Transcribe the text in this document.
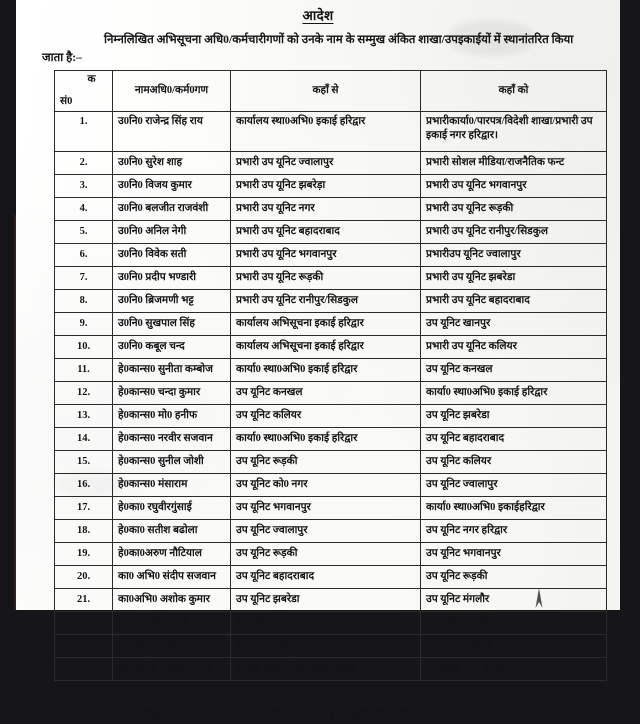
आदेश

निम्नलिखित अभिसूचना अधि0/कर्मचारीगणों को उनके नाम के सम्मुख अंकित शाखा/उपइकाईयों में स्थानांतरित किया

जाता है:–

क
सं0	नामअधि0/कर्म0गण	कहाँ से	कहाँ को
1.	उ0नि0 राजेन्द्र सिंह राय	कार्यालय स्था0अभि0 इकाई हरिद्वार	प्रभारीकार्या0/पारपत्र/विदेशी शाखा/प्रभारी उप इकाई नगर हरिद्वार।
2.	उ0नि0 सुरेश शाह	प्रभारी उप यूनिट ज्वालापुर	प्रभारी सोशल मीडिया/राजनैतिक फन्ट
3.	उ0नि0 विजय कुमार	प्रभारी उप यूनिट झबरेड़ा	प्रभारी उप यूनिट भगवानपुर
4.	उ0नि0 बलजीत राजवंशी	प्रभारी उप यूनिट नगर	प्रभारी उप यूनिट रूड़की
5.	उ0नि0 अनिल नेगी	प्रभारी उप यूनिट बहादराबाद	प्रभारी उप यूनिट रानीपुर/सिडकुल
6.	उ0नि0 विवेक सती	प्रभारी उप यूनिट भगवानपुर	प्रभारीउप यूनिट ज्वालापुर
7.	उ0नि0 प्रदीप भण्डारी	प्रभारी उप यूनिट रूड़की	प्रभारी उप यूनिट झबरेडा
8.	उ0नि0 ब्रिजमणी भट्ट	प्रभारी उप यूनिट रानीपुर/सिडकुल	प्रभारी उप यूनिट बहादराबाद
9.	उ0नि0 सुखपाल सिंह	कार्यालय अभिसूचना इकाई हरिद्वार	उप यूनिट खानपुर
10.	उ0नि0 कबूल चन्द	कार्यालय अभिसूचना इकाई हरिद्वार	प्रभारी उप यूनिट कलियर
11.	हे0कान्स0 सुनीता कम्बोज	कार्या0 स्था0अभि0 इकाई हरिद्वार	उप यूनिट कनखल
12.	हे0कान्स0 चन्दा कुमार	उप यूनिट कनखल	कार्या0 स्था0अभि0 इकाई हरिद्वार
13.	हे0कान्स0 मो0 हनीफ	उप यूनिट कलियर	उप यूनिट झबरेडा
14.	हे0कान्स0 नरवीर सजवान	कार्या0 स्था0अभि0 इकाई हरिद्वार	उप यूनिट बहादराबाद
15.	हे0कान्स0 सुनील जोशी	उप यूनिट रूड़की	उप यूनिट कलियर
16.	हे0कान्स0 मंसाराम	उप यूनिट को0 नगर	उप यूनिट ज्वालापुर
17.	हे0का0 रघुवीरगुंसाई	उप यूनिट भगवानपुर	कार्या0 स्था0अभि0 इकाईहरिद्वार
18.	हे0का0 सतीश बढोला	उप यूनिट ज्वालापुर	उप यूनिट नगर हरिद्वार
19.	हे0का0अरुण नौटियाल	उप यूनिट रूड़की	उप यूनिट भगवानपुर
20.	का0 अभि0 संदीप सजवान	उप यूनिट बहादराबाद	उप यूनिट रूड़की
21.	का0अभि0 अशोक कुमार	उप यूनिट झबरेडा	उप यूनिट मंगलौर
22.	का0 मनमोहन नेगी	उप यूनिट मंगलौर	उप यूनिट रूड़की
23.	का0अभि0 रमेशकुमार	उप यूनिट लक्सर	उप यूनिट खानपुर
24.	का0अभि0 अशोक ममगई	कार्या0 स्था0अभि0 इकाई हरिद्वार	उप इकाई नगर हरिद्वार।

उक्तरोक्त समस्त अधि0/कर्म0 गण तत्काल नवनियुक्ति पर रवाना होना सुनिश्चित करें।
